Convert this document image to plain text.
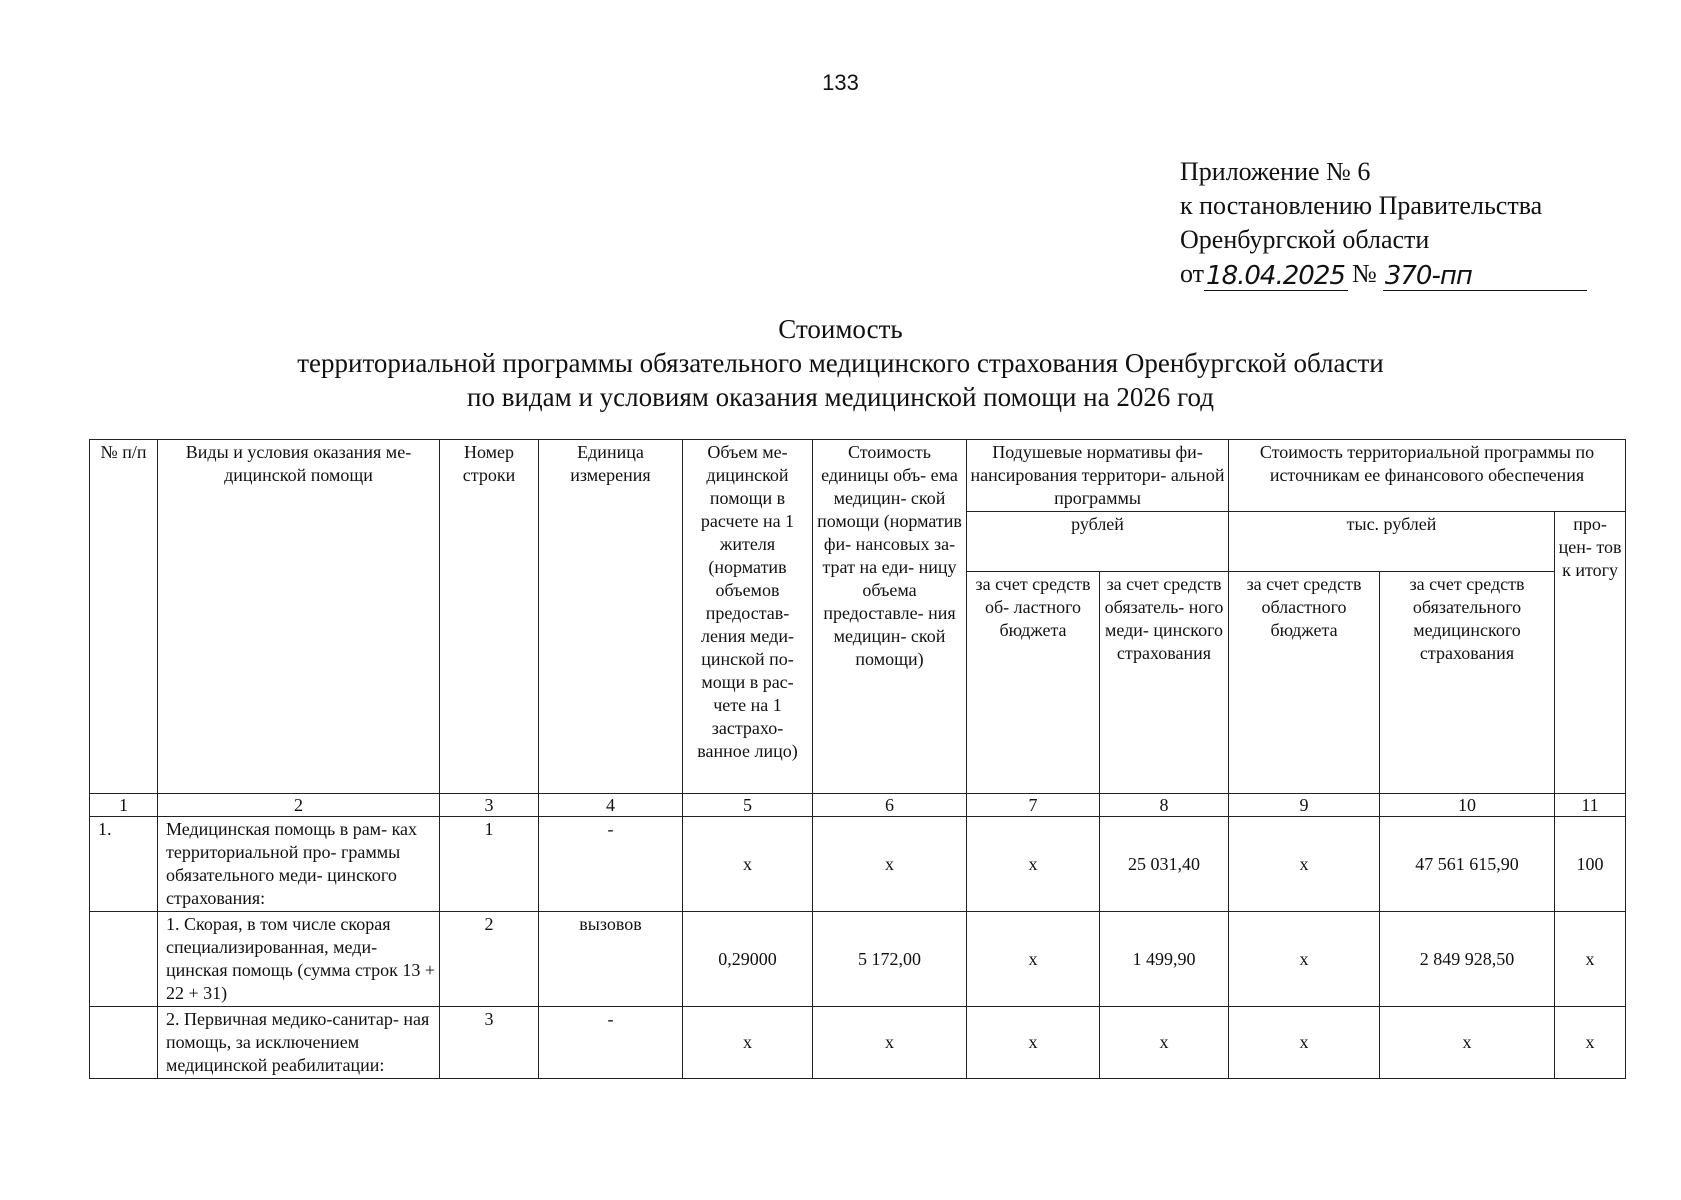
133
Приложение № 6
к постановлению Правительства
Оренбургской области
от 18.04.2025 № 370-пп
Стоимость
территориальной программы обязательного медицинского страхования Оренбургской области
по видам и условиям оказания медицинской помощи на 2026 год
№ п/п	Виды и условия оказания ме- дицинской помощи	Номер строки	Единица измерения	Объем ме- дицинской помощи в расчете на 1 жителя (норматив объемов предостав- ления меди- цинской по- мощи в рас- чете на 1 застрахо- ванное лицо)	Стоимость единицы объ- ема медицин- ской помощи (норматив фи- нансовых за- трат на еди- ницу объема предоставле- ния медицин- ской помощи)	Подушевые нормативы фи- нансирования территори- альной программы		Стоимость территориальной программы по источникам ее финансового обеспечения		
						рублей		тыс. рублей		про- цен- тов к итогу
						за счет средств об- ластного бюджета	за счет средств обязатель- ного меди- цинского страхования	за счет средств областного бюджета	за счет средств обязательного медицинского страхования	
1	2	3	4	5	6	7	8	9	10	11
1.	Медицинская помощь в рам- ках территориальной про- граммы обязательного меди- цинского страхования:	1	-	х	х	х	25 031,40	х	47 561 615,90	100
	1. Скорая, в том числе скорая специализированная, меди- цинская помощь (сумма строк 13 + 22 + 31)	2	вызовов	0,29000	5 172,00	х	1 499,90	х	2 849 928,50	х
	2. Первичная медико-санитар- ная помощь, за исключением медицинской реабилитации:	3	-	х	х	х	х	х	х	х
